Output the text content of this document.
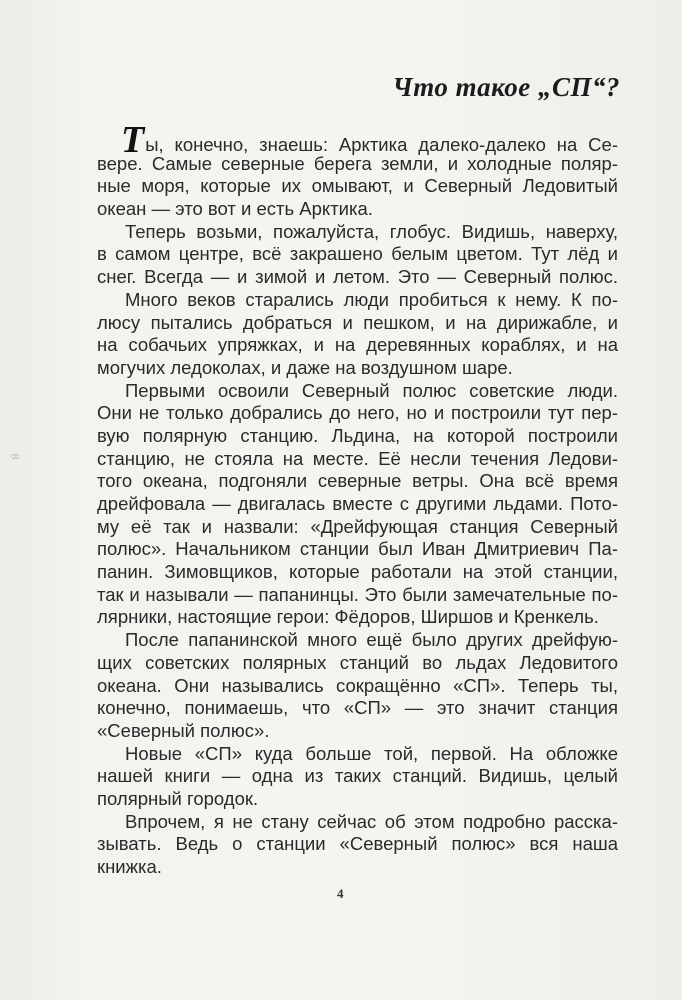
Что такое „СП“?
Ты, конечно, знаешь: Арктика далеко-далеко на Се-
вере. Самые северные берега земли, и холодные поляр-
ные моря, которые их омывают, и Северный Ледовитый
океан — это вот и есть Арктика.
Теперь возьми, пожалуйста, глобус. Видишь, наверху,
в самом центре, всё закрашено белым цветом. Тут лёд и
снег. Всегда — и зимой и летом. Это — Северный полюс.
Много веков старались люди пробиться к нему. К по-
люсу пытались добраться и пешком, и на дирижабле, и
на собачьих упряжках, и на деревянных кораблях, и на
могучих ледоколах, и даже на воздушном шаре.
Первыми освоили Северный полюс советские люди.
Они не только добрались до него, но и построили тут пер-
вую полярную станцию. Льдина, на которой построили
станцию, не стояла на месте. Её несли течения Ледови-
того океана, подгоняли северные ветры. Она всё время
дрейфовала — двигалась вместе с другими льдами. Пото-
му её так и назвали: «Дрейфующая станция Северный
полюс». Начальником станции был Иван Дмитриевич Па-
панин. Зимовщиков, которые работали на этой станции,
так и называли — папанинцы. Это были замечательные по-
лярники, настоящие герои: Фёдоров, Ширшов и Кренкель.
После папанинской много ещё было других дрейфую-
щих советских полярных станций во льдах Ледовитого
океана. Они назывались сокращённо «СП». Теперь ты,
конечно, понимаешь, что «СП» — это значит станция
«Северный полюс».
Новые «СП» куда больше той, первой. На обложке
нашей книги — одна из таких станций. Видишь, целый
полярный городок.
Впрочем, я не стану сейчас об этом подробно расска-
зывать. Ведь о станции «Северный полюс» вся наша
книжка.
8
4
